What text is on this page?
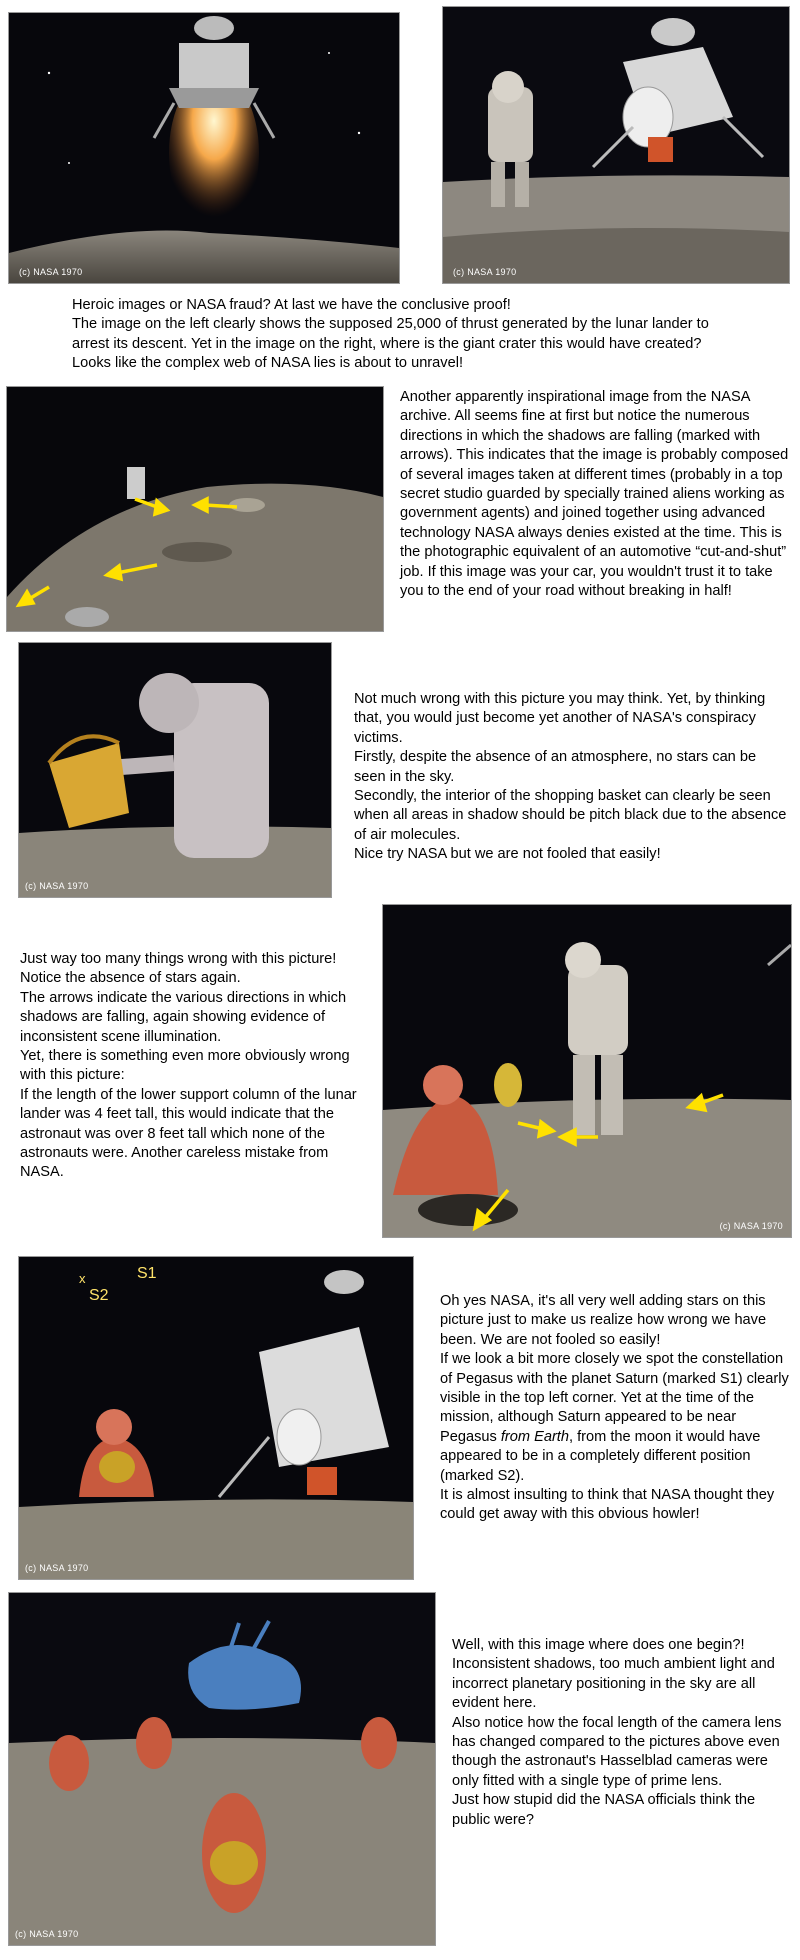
(c) NASA 1970	(c) NASA 1970

Heroic images or NASA fraud? At last we have the conclusive proof!

The image on the left clearly shows the supposed 25,000 of thrust generated by the lunar lander to arrest its descent. Yet in the image on the right, where is the giant crater this would have created? Looks like the complex web of NASA lies is about to unravel!

Another apparently inspirational image from the NASA archive. All seems fine at first but notice the numerous directions in which the shadows are falling (marked with arrows). This indicates that the image is probably composed of several images taken at different times (probably in a top secret studio guarded by specially trained aliens working as government agents) and joined together using advanced technology NASA always denies existed at the time. This is the photographic equivalent of an automotive “cut-and-shut” job. If this image was your car, you wouldn't trust it to take you to the end of your road without breaking in half!

(c) NASA 1970

Not much wrong with this picture you may think. Yet, by thinking that, you would just become yet another of NASA's conspiracy victims.

Firstly, despite the absence of an atmosphere, no stars can be seen in the sky.

Secondly, the interior of the shopping basket can clearly be seen when all areas in shadow should be pitch black due to the absence of air molecules.

Nice try NASA but we are not fooled that easily!

Just way too many things wrong with this picture!

Notice the absence of stars again.

The arrows indicate the various directions in which shadows are falling, again showing evidence of inconsistent scene illumination.

Yet, there is something even more obviously wrong with this picture:

If the length of the lower support column of the lunar lander was 4 feet tall, this would indicate that the astronaut was over 8 feet tall which none of the astronauts were. Another careless mistake from NASA.

(c) NASA 1970
x	S1
S2
(c) NASA 1970

Oh yes NASA, it's all very well adding stars on this picture just to make us realize how wrong we have been. We are not fooled so easily!

If we look a bit more closely we spot the constellation of Pegasus with the planet Saturn (marked S1) clearly visible in the top left corner. Yet at the time of the mission, although Saturn appeared to be near Pegasus from Earth, from the moon it would have appeared to be in a completely different position (marked S2).

It is almost insulting to think that NASA thought they could get away with this obvious howler!

(c) NASA 1970

Well, with this image where does one begin?!

Inconsistent shadows, too much ambient light and incorrect planetary positioning in the sky are all evident here.

Also notice how the focal length of the camera lens has changed compared to the pictures above even though the astronaut's Hasselblad cameras were only fitted with a single type of prime lens.

Just how stupid did the NASA officials think the public were?
